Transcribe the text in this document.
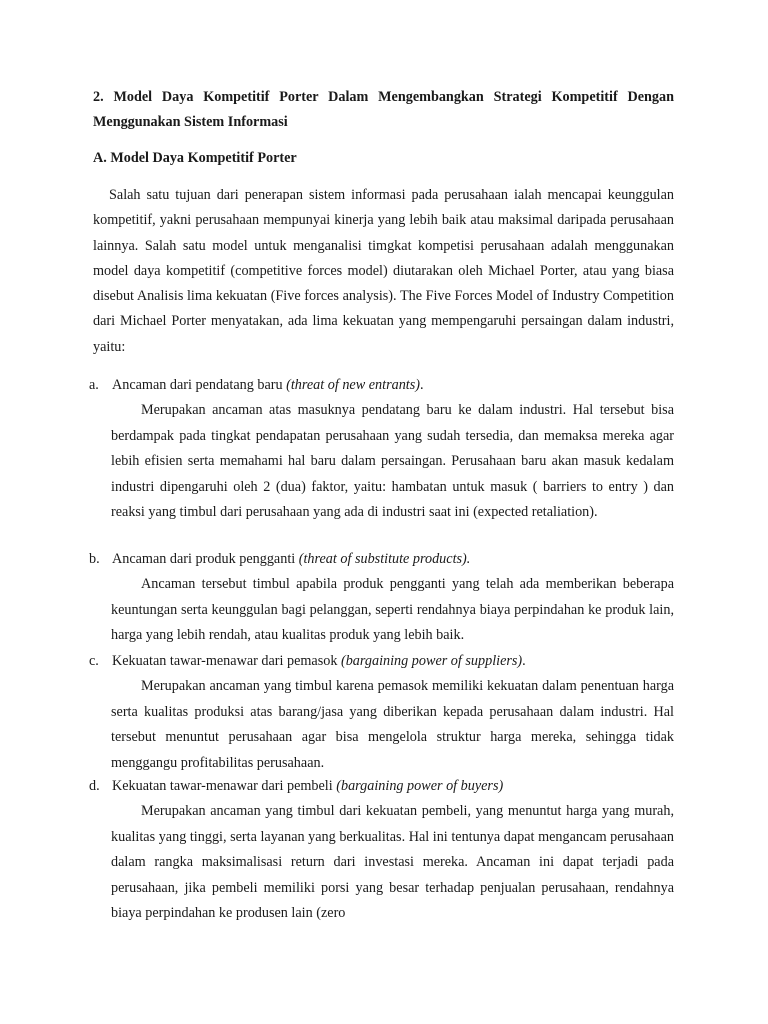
2. Model Daya Kompetitif Porter Dalam Mengembangkan Strategi Kompetitif Dengan Menggunakan Sistem Informasi
A. Model Daya Kompetitif Porter
Salah satu tujuan dari penerapan sistem informasi pada perusahaan ialah mencapai keunggulan kompetitif, yakni perusahaan mempunyai kinerja yang lebih baik atau maksimal daripada perusahaan lainnya. Salah satu model untuk menganalisi timgkat kompetisi perusahaan adalah menggunakan model daya kompetitif (competitive forces model) diutarakan oleh Michael Porter, atau yang biasa disebut Analisis lima kekuatan (Five forces analysis). The Five Forces Model of Industry Competition dari Michael Porter menyatakan, ada lima kekuatan yang mempengaruhi persaingan dalam industri, yaitu:
a. Ancaman dari pendatang baru (threat of new entrants).
Merupakan ancaman atas masuknya pendatang baru ke dalam industri. Hal tersebut bisa berdampak pada tingkat pendapatan perusahaan yang sudah tersedia, dan memaksa mereka agar lebih efisien serta memahami hal baru dalam persaingan. Perusahaan baru akan masuk kedalam industri dipengaruhi oleh 2 (dua) faktor, yaitu: hambatan untuk masuk ( barriers to entry ) dan reaksi yang timbul dari perusahaan yang ada di industri saat ini (expected retaliation).
b. Ancaman dari produk pengganti (threat of substitute products).
Ancaman tersebut timbul apabila produk pengganti yang telah ada memberikan beberapa keuntungan serta keunggulan bagi pelanggan, seperti rendahnya biaya perpindahan ke produk lain, harga yang lebih rendah, atau kualitas produk yang lebih baik.
c. Kekuatan tawar-menawar dari pemasok (bargaining power of suppliers).
Merupakan ancaman yang timbul karena pemasok memiliki kekuatan dalam penentuan harga serta kualitas produksi atas barang/jasa yang diberikan kepada perusahaan dalam industri. Hal tersebut menuntut perusahaan agar bisa mengelola struktur harga mereka, sehingga tidak menggangu profitabilitas perusahaan.
d. Kekuatan tawar-menawar dari pembeli (bargaining power of buyers)
Merupakan ancaman yang timbul dari kekuatan pembeli, yang menuntut harga yang murah, kualitas yang tinggi, serta layanan yang berkualitas. Hal ini tentunya dapat mengancam perusahaan dalam rangka maksimalisasi return dari investasi mereka. Ancaman ini dapat terjadi pada perusahaan, jika pembeli memiliki porsi yang besar terhadap penjualan perusahaan, rendahnya biaya perpindahan ke produsen lain (zero
